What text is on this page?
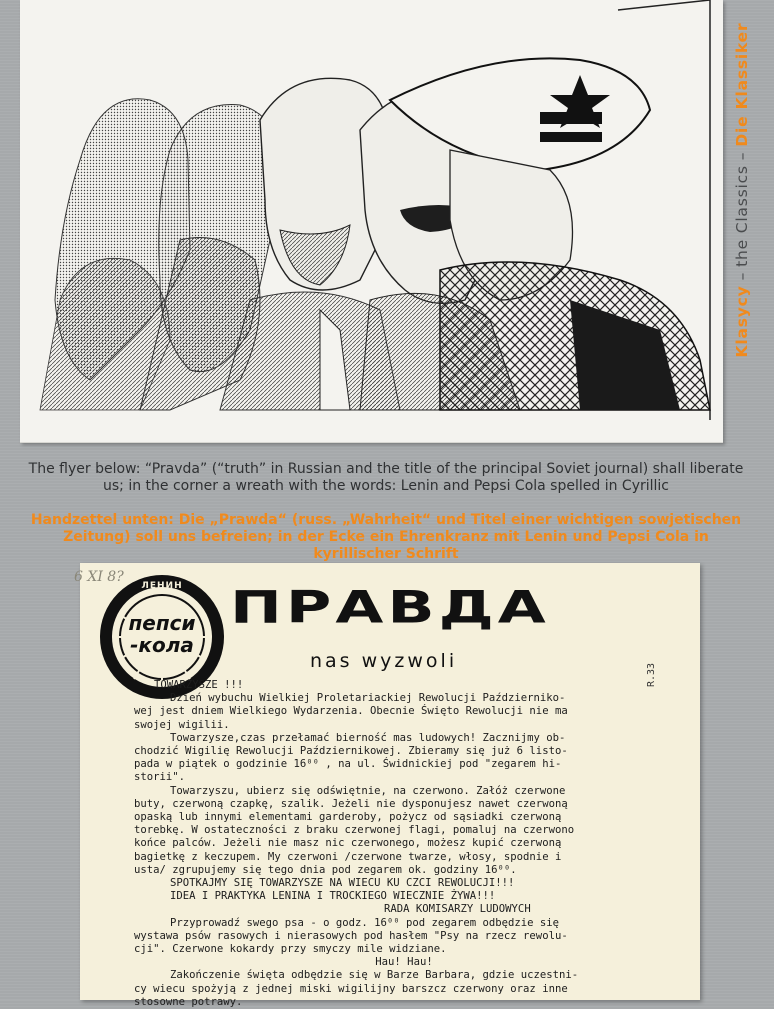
Klasycy–the Classics–Die Klassiker
The flyer below: “Pravda” (“truth” in Russian and the title of the principal Soviet journal) shall liberate us; in the corner a wreath with the words: Lenin and Pepsi Cola spelled in Cyrillic
Handzettel unten: Die „Prawda“ (russ. „Wahrheit“ und Titel einer wichtigen sowjetischen Zeitung) soll uns befreien; in der Ecke ein Ehrenkranz mit Lenin und Pepsi Cola in kyrillischer Schrift
6 XI 8?
ЛЕНИН
пепси
-кола
ПРАВДА
nas wyzwoli
R.33

TOWARZYSZE !!!

Dzień wybuchu Wielkiej Proletariackiej Rewolucji Październiko-

wej jest dniem Wielkiego Wydarzenia. Obecnie Święto Rewolucji nie ma

swojej wigilii.

Towarzysze,czas przełamać bierność mas ludowych! Zacznijmy ob-

chodzić Wigilię Rewolucji Październikowej. Zbieramy się już 6 listo-

pada w piątek o godzinie 16⁰⁰ , na ul. Świdnickiej pod "zegarem hi-

storii".

Towarzyszu, ubierz się odświętnie, na czerwono. Załóż czerwone

buty, czerwoną czapkę, szalik. Jeżeli nie dysponujesz nawet czerwoną

opaską lub innymi elementami garderoby, pożycz od sąsiadki czerwoną

torebkę. W ostateczności z braku czerwonej flagi, pomaluj na czerwono

końce palców. Jeżeli nie masz nic czerwonego, możesz kupić czerwoną

bagietkę z keczupem. My czerwoni /czerwone twarze, włosy, spodnie i

usta/ zgrupujemy się tego dnia pod zegarem ok. godziny 16⁰⁰.

SPOTKAJMY SIĘ TOWARZYSZE NA WIECU KU CZCI REWOLUCJI!!!

IDEA I PRAKTYKA LENINA I TROCKIEGO WIECZNIE ŻYWA!!!

RADA KOMISARZY LUDOWYCH

Przyprowadź swego psa - o godz. 16⁰⁰ pod zegarem odbędzie się

wystawa psów rasowych i nierasowych pod hasłem "Psy na rzecz rewolu-

cji". Czerwone kokardy przy smyczy mile widziane.

Hau! Hau!

Zakończenie święta odbędzie się w Barze Barbara, gdzie uczestni-

cy wiecu spożyją z jednej miski wigilijny barszcz czerwony oraz inne

stosowne potrawy.
